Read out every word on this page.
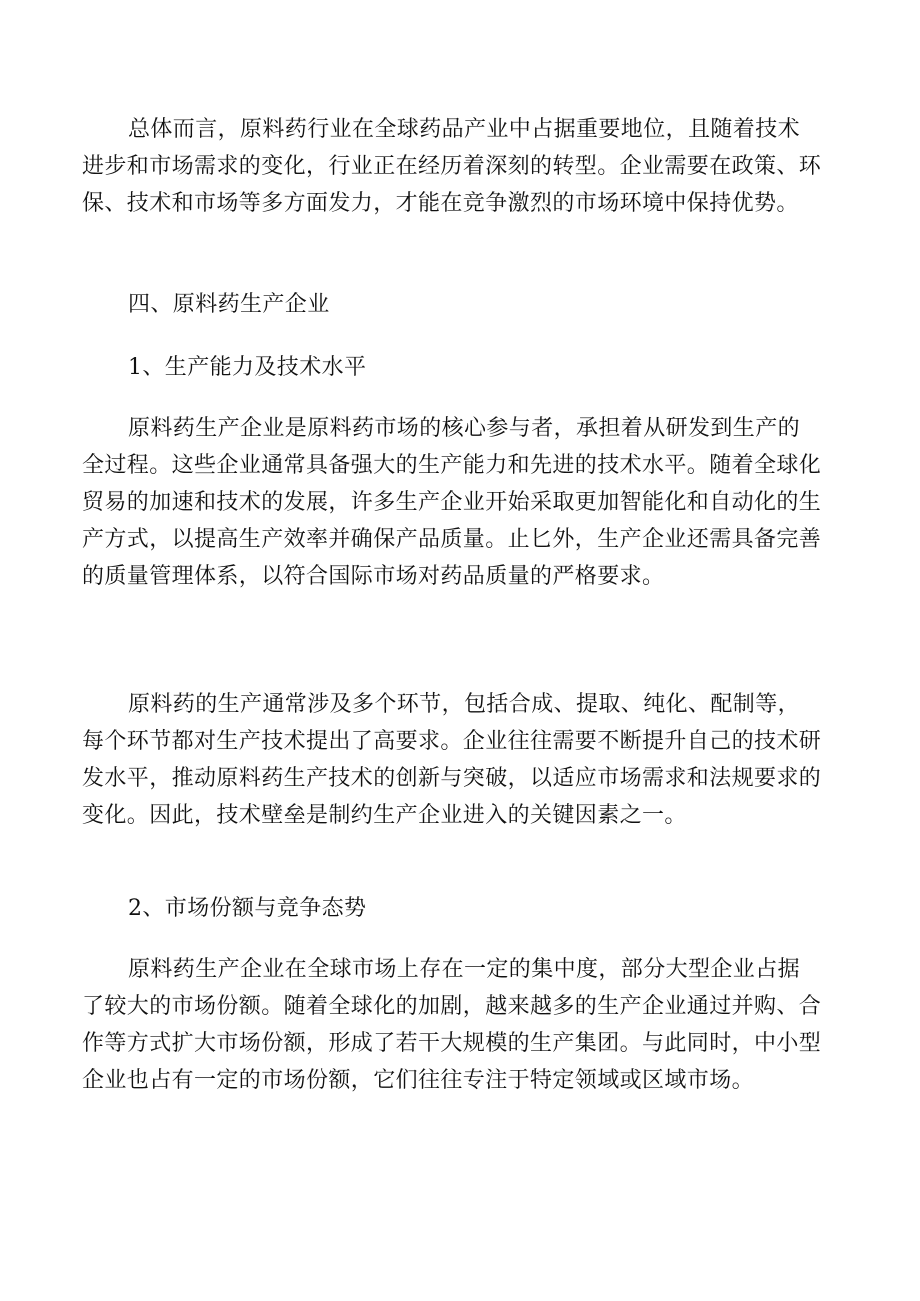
总体而言，原料药行业在全球药品产业中占据重要地位，且随着技术
进步和市场需求的变化，行业正在经历着深刻的转型。企业需要在政策、环
保、技术和市场等多方面发力，才能在竞争激烈的市场环境中保持优势。

四、原料药生产企业
1、生产能力及技术水平

原料药生产企业是原料药市场的核心参与者，承担着从研发到生产的
全过程。这些企业通常具备强大的生产能力和先进的技术水平。随着全球化
贸易的加速和技术的发展，许多生产企业开始采取更加智能化和自动化的生
产方式，以提高生产效率并确保产品质量。止匕外，生产企业还需具备完善
的质量管理体系，以符合国际市场对药品质量的严格要求。

原料药的生产通常涉及多个环节，包括合成、提取、纯化、配制等，
每个环节都对生产技术提出了高要求。企业往往需要不断提升自己的技术研
发水平，推动原料药生产技术的创新与突破，以适应市场需求和法规要求的
变化。因此，技术壁垒是制约生产企业进入的关键因素之一。

2、市场份额与竞争态势

原料药生产企业在全球市场上存在一定的集中度，部分大型企业占据
了较大的市场份额。随着全球化的加剧，越来越多的生产企业通过并购、合
作等方式扩大市场份额，形成了若干大规模的生产集团。与此同时，中小型
企业也占有一定的市场份额，它们往往专注于特定领域或区域市场。
